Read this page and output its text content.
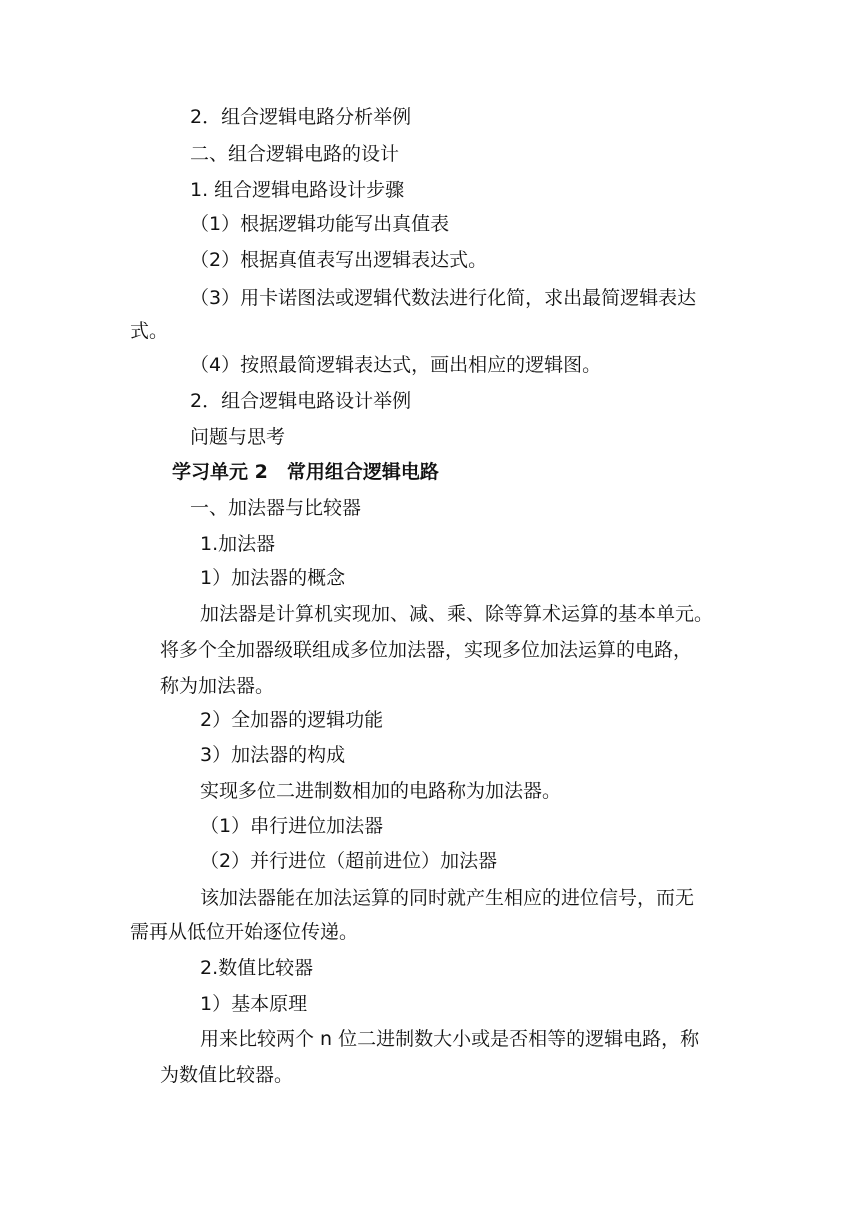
2．组合逻辑电路分析举例
二、组合逻辑电路的设计
1. 组合逻辑电路设计步骤
（1）根据逻辑功能写出真值表
（2）根据真值表写出逻辑表达式。
（3）用卡诺图法或逻辑代数法进行化简，求出最简逻辑表达
式。
（4）按照最简逻辑表达式，画出相应的逻辑图。
2．组合逻辑电路设计举例
问题与思考
学习单元 2　常用组合逻辑电路
一、加法器与比较器
1.加法器
1）加法器的概念
加法器是计算机实现加、减、乘、除等算术运算的基本单元。
将多个全加器级联组成多位加法器，实现多位加法运算的电路，
称为加法器。
2）全加器的逻辑功能
3）加法器的构成
实现多位二进制数相加的电路称为加法器。
（1）串行进位加法器
（2）并行进位（超前进位）加法器
该加法器能在加法运算的同时就产生相应的进位信号，而无
需再从低位开始逐位传递。
2.数值比较器
1）基本原理
用来比较两个 n 位二进制数大小或是否相等的逻辑电路，称
为数值比较器。
